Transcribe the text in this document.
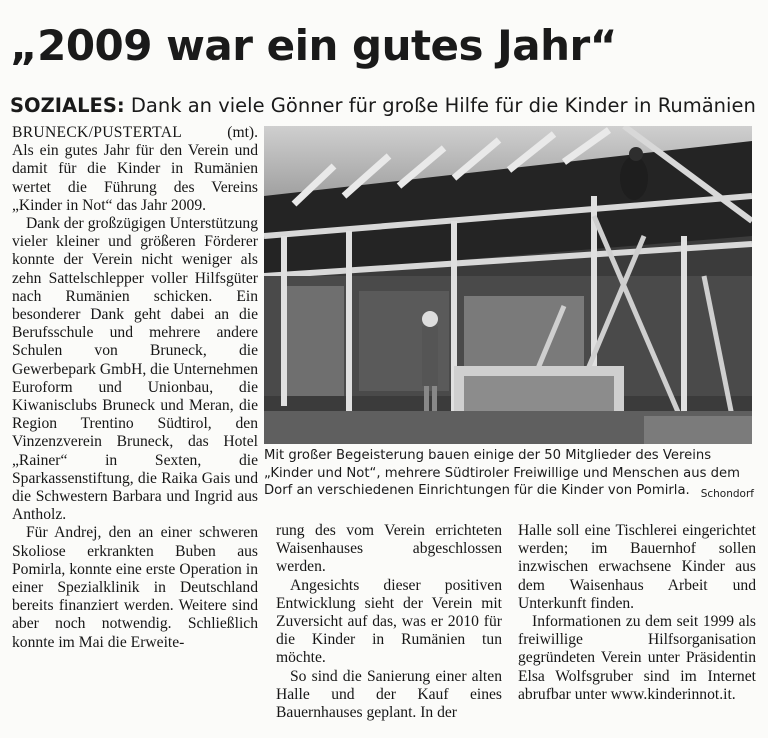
„2009 war ein gutes Jahr“
SOZIALES: Dank an viele Gönner für große Hilfe für die Kinder in Rumänien

BRUNECK/PUSTERTAL	(mt).

Als ein gutes Jahr für den Verein und damit für die Kinder in Rumänien wertet die Führung des Vereins „Kinder in Not“ das Jahr 2009.

Dank der großzügigen Unterstützung vieler kleiner und größeren Förderer konnte der Verein nicht weniger als zehn Sattelschlepper voller Hilfsgüter nach Rumänien schicken. Ein besonderer Dank geht dabei an die Berufsschule und mehrere andere Schulen von Bruneck, die Gewerbepark GmbH, die Unternehmen Euroform und Unionbau, die Kiwanisclubs Bruneck und Meran, die Region Trentino Südtirol, den Vinzenzverein Bruneck, das Hotel „Rainer“ in Sexten, die Sparkassenstiftung, die Raika Gais und die Schwestern Barbara und Ingrid aus Antholz.

Für Andrej, den an einer schweren Skoliose erkrankten Buben aus Pomirla, konnte eine erste Operation in einer Spezialklinik in Deutschland bereits finanziert werden. Weitere sind aber noch notwendig. Schließlich konnte im Mai die Erweite-

Mit großer Begeisterung bauen einige der 50 Mitglieder des Vereins „Kinder und Not“, mehrere Südtiroler Freiwillige und Menschen aus dem Dorf an verschiedenen Einrichtungen für die Kinder von Pomirla. Schondorf

rung des vom Verein errichteten Waisenhauses abgeschlossen werden.

Angesichts dieser positiven Entwicklung sieht der Verein mit Zuversicht auf das, was er 2010 für die Kinder in Rumänien tun möchte.

So sind die Sanierung einer alten Halle und der Kauf eines Bauernhauses geplant. In der

Halle soll eine Tischlerei eingerichtet werden; im Bauernhof sollen inzwischen erwachsene Kinder aus dem Waisenhaus Arbeit und Unterkunft finden.

Informationen zu dem seit 1999 als freiwillige Hilfsorganisation gegründeten Verein unter Präsidentin Elsa Wolfsgruber sind im Internet abrufbar unter www.kinderinnot.it.
